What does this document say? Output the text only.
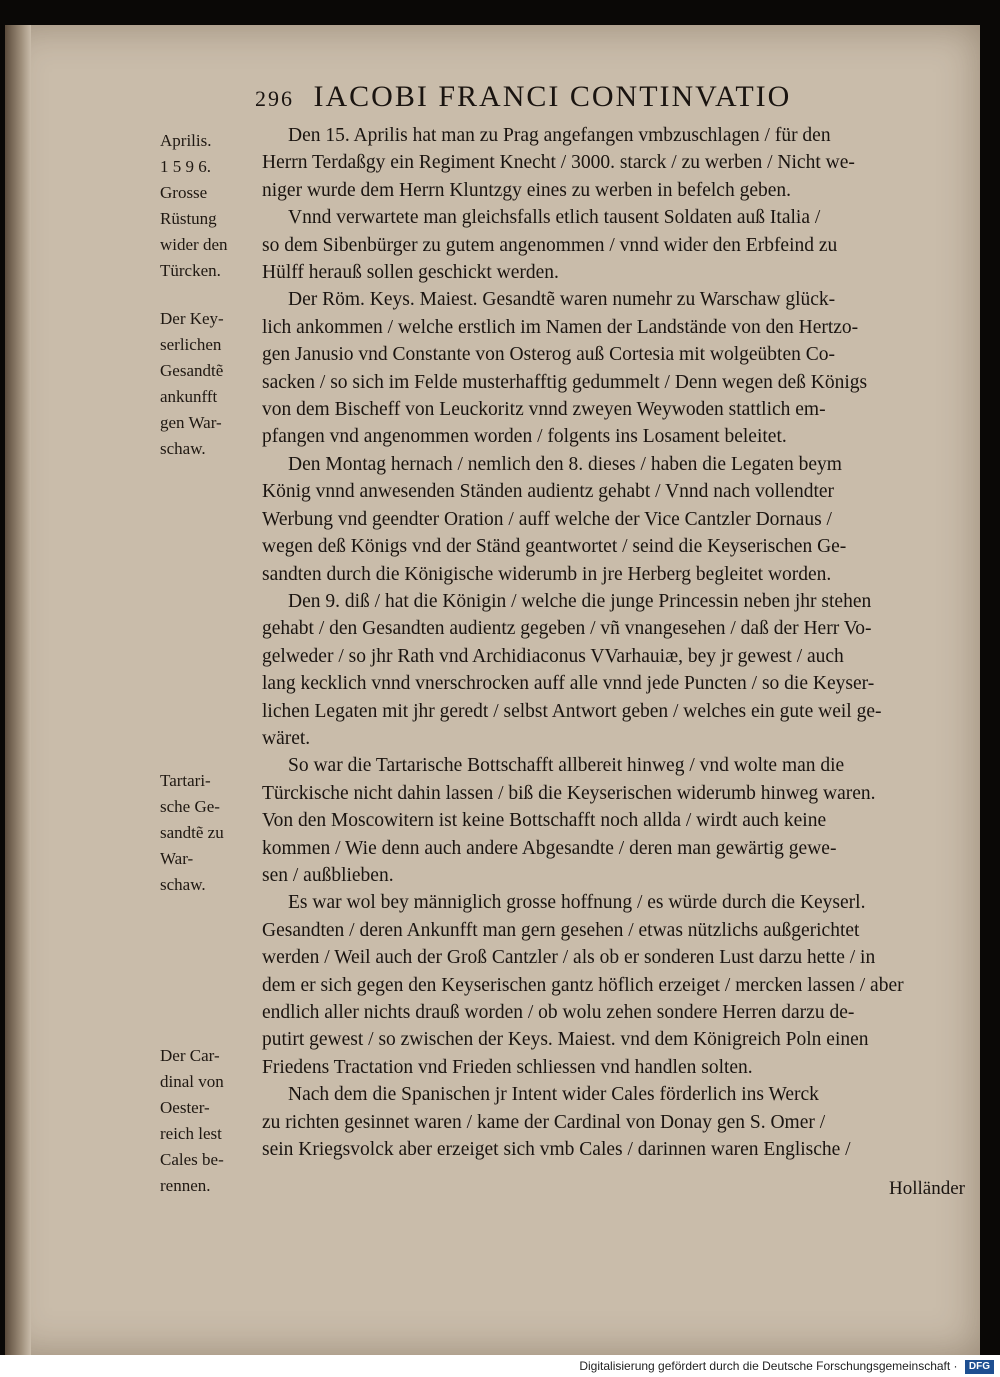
296 IACOBI FRANCI CONTINVATIO
Aprilis.
1 5 9 6.
Grosse
Rüstung
wider den
Türcken.
Der Key-
serlichen
Gesandtẽ
ankunfft
gen War-
schaw.
Tartari-
sche Ge-
sandtẽ zu
War-
schaw.
Der Car-
dinal von
Oester-
reich lest
Cales be-
rennen.
Den 15. Aprilis hat man zu Prag angefangen vmbzuschlagen / für den
Herrn Terdaßgy ein Regiment Knecht / 3000. starck / zu werben / Nicht we-
niger wurde dem Herrn Kluntzgy eines zu werben in befelch geben.
Vnnd verwartete man gleichsfalls etlich tausent Soldaten auß Italia /
so dem Sibenbürger zu gutem angenommen / vnnd wider den Erbfeind zu
Hülff herauß sollen geschickt werden.
Der Röm. Keys. Maiest. Gesandtẽ waren numehr zu Warschaw glück-
lich ankommen / welche erstlich im Namen der Landstände von den Hertzo-
gen Janusio vnd Constante von Osterog auß Cortesia mit wolgeübten Co-
sacken / so sich im Felde musterhafftig gedummelt / Denn wegen deß Königs
von dem Bischeff von Leuckoritz vnnd zweyen Weywoden stattlich em-
pfangen vnd angenommen worden / folgents ins Losament beleitet.
Den Montag hernach / nemlich den 8. dieses / haben die Legaten beym
König vnnd anwesenden Ständen audientz gehabt / Vnnd nach vollendter
Werbung vnd geendter Oration / auff welche der Vice Cantzler Dornaus /
wegen deß Königs vnd der Ständ geantwortet / seind die Keyserischen Ge-
sandten durch die Königische widerumb in jre Herberg begleitet worden.
Den 9. diß / hat die Königin / welche die junge Princessin neben jhr stehen
gehabt / den Gesandten audientz gegeben / vñ vnangesehen / daß der Herr Vo-
gelweder / so jhr Rath vnd Archidiaconus VVarhauiæ, bey jr gewest / auch
lang kecklich vnnd vnerschrocken auff alle vnnd jede Puncten / so die Keyser-
lichen Legaten mit jhr geredt / selbst Antwort geben / welches ein gute weil ge-
wäret.
So war die Tartarische Bottschafft allbereit hinweg / vnd wolte man die
Türckische nicht dahin lassen / biß die Keyserischen widerumb hinweg waren.
Von den Moscowitern ist keine Bottschafft noch allda / wirdt auch keine
kommen / Wie denn auch andere Abgesandte / deren man gewärtig gewe-
sen / außblieben.
Es war wol bey männiglich grosse hoffnung / es würde durch die Keyserl.
Gesandten / deren Ankunfft man gern gesehen / etwas nützlichs außgerichtet
werden / Weil auch der Groß Cantzler / als ob er sonderen Lust darzu hette / in
dem er sich gegen den Keyserischen gantz höflich erzeiget / mercken lassen / aber
endlich aller nichts drauß worden / ob wolu zehen sondere Herren darzu de-
putirt gewest / so zwischen der Keys. Maiest. vnd dem Königreich Poln einen
Friedens Tractation vnd Frieden schliessen vnd handlen solten.
Nach dem die Spanischen jr Intent wider Cales förderlich ins Werck
zu richten gesinnet waren / kame der Cardinal von Donay gen S. Omer /
sein Kriegsvolck aber erzeiget sich vmb Cales / darinnen waren Englische /
Holländer
Digitalisierung gefördert durch die Deutsche Forschungsgemeinschaft · DFG
